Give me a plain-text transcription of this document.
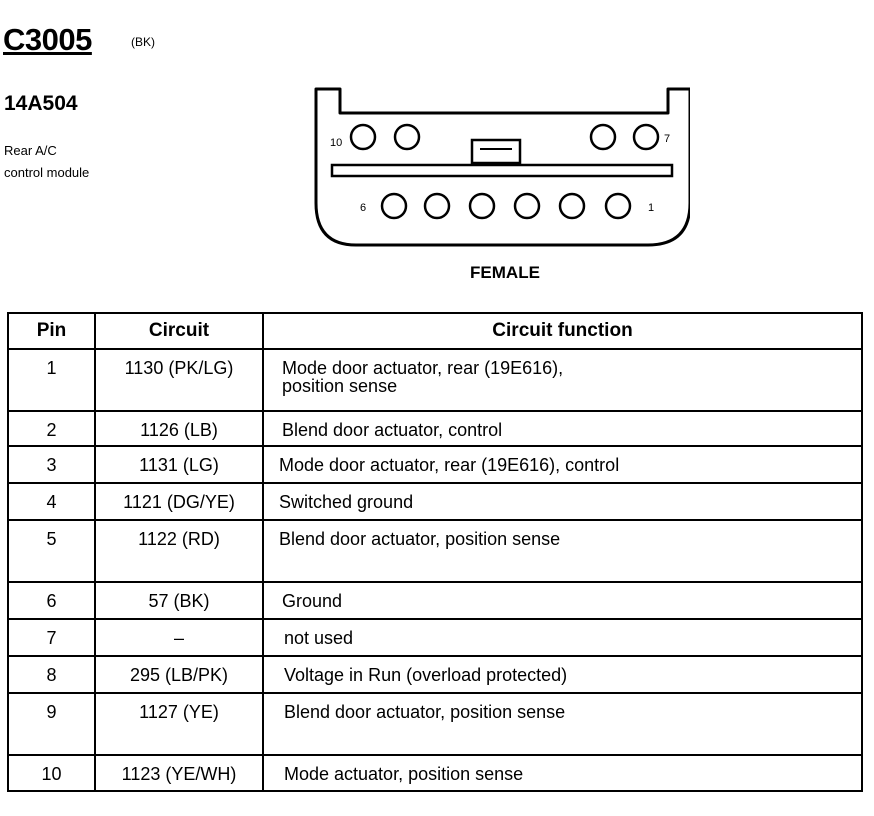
C3005	(BK)
14A504
Rear A/C
control module
10	7
6	1
FEMALE
Pin	Circuit	Circuit function
1	1130 (PK/LG)	Mode door actuator, rear (19E616),
position sense

2	1126 (LB)	Blend door actuator, control
3	1131 (LG)	Mode door actuator, rear (19E616), control
4	1121 (DG/YE)	Switched ground
5	1122 (RD)	Blend door actuator, position sense
6	57 (BK)	Ground
7	–	not used
8	295 (LB/PK)	Voltage in Run (overload protected)
9	1127 (YE)	Blend door actuator, position sense
10	1123 (YE/WH)	Mode actuator, position sense
